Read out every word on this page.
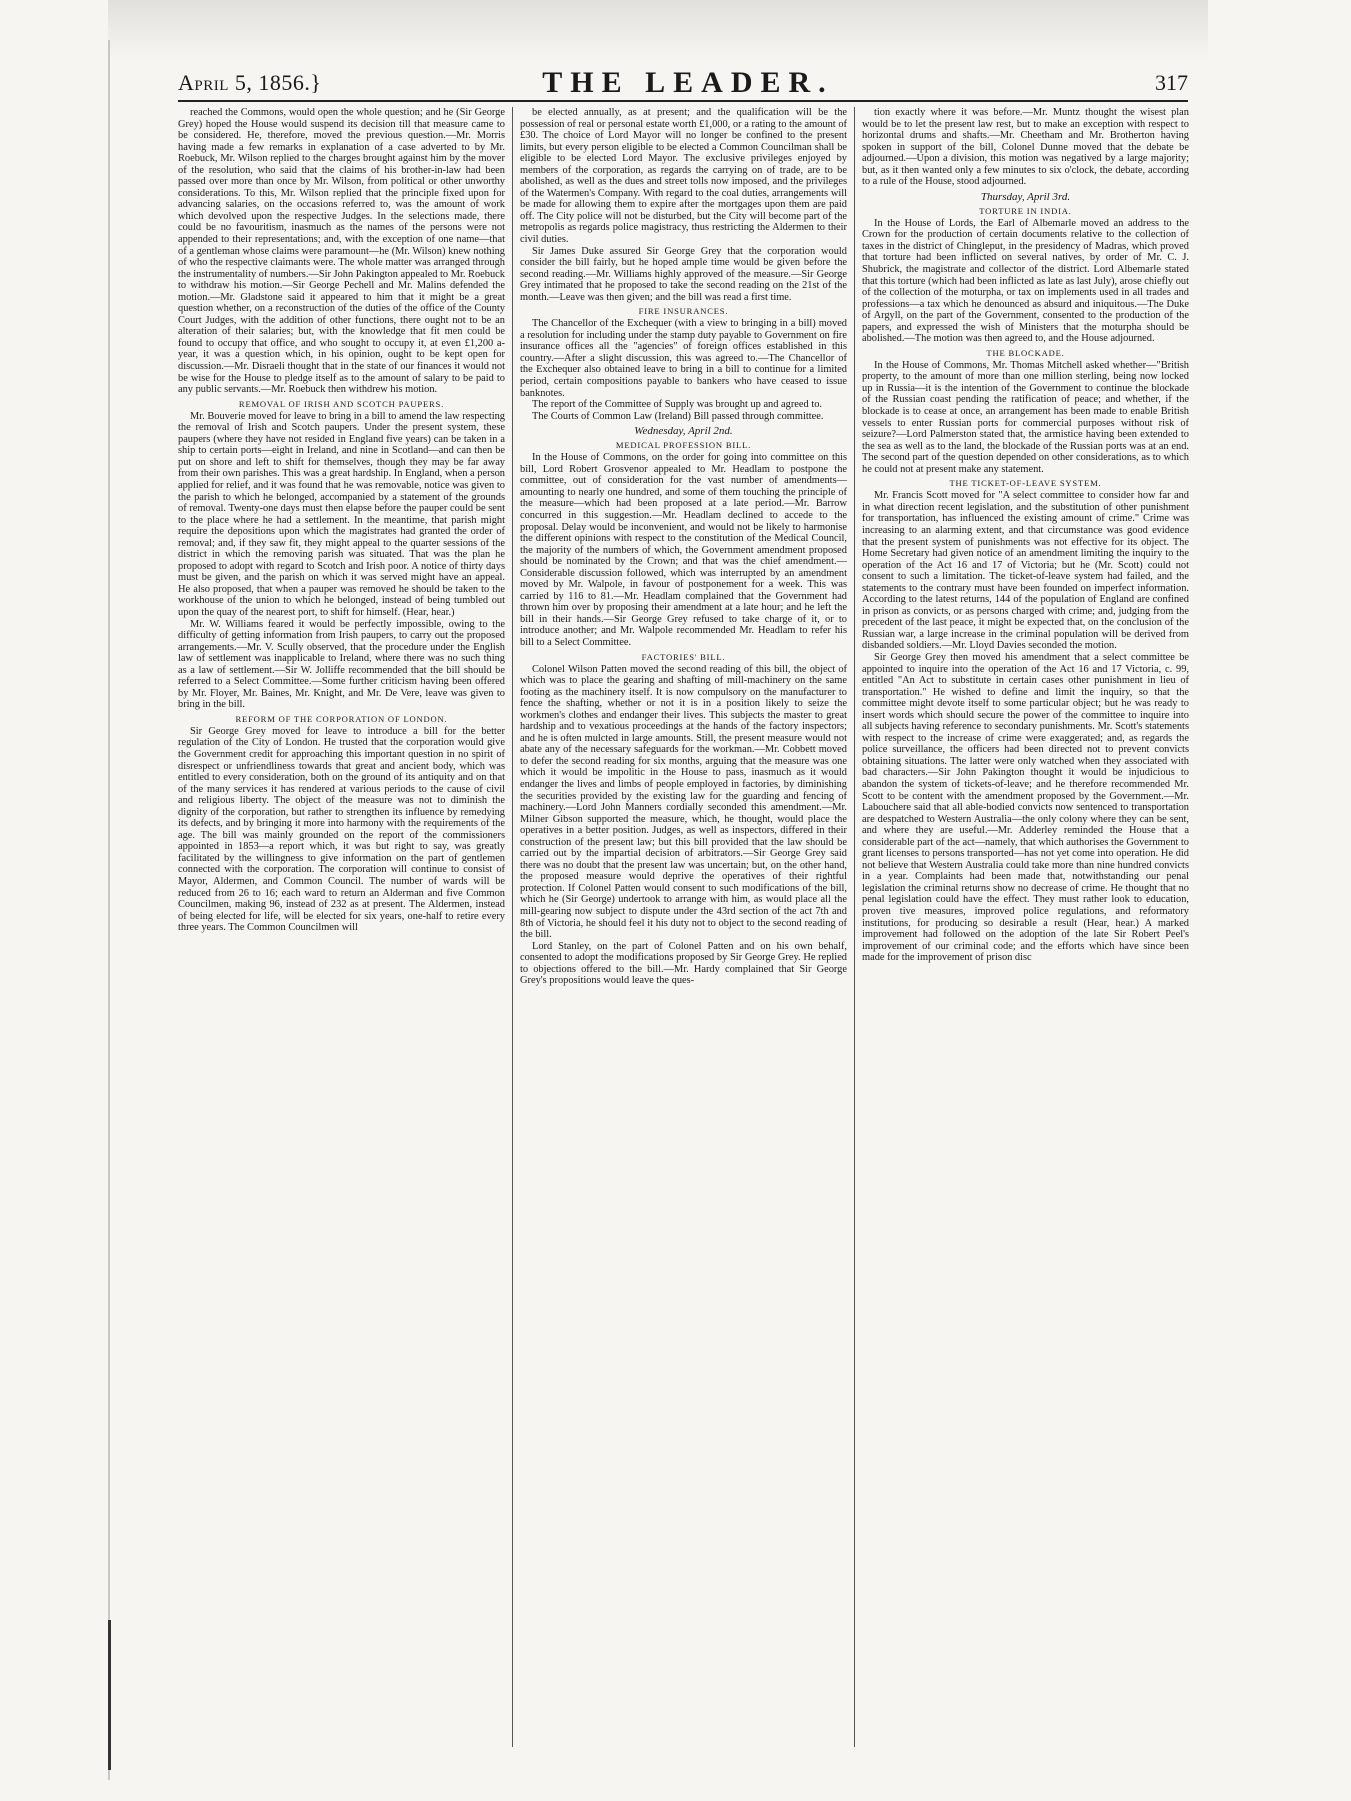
April 5, 1856.}	THE LEADER.	317

reached the Commons, would open the whole question; and he (Sir George Grey) hoped the House would suspend its decision till that measure came to be considered. He, therefore, moved the previous question.—Mr. Morris having made a few remarks in explanation of a case adverted to by Mr. Roebuck, Mr. Wilson replied to the charges brought against him by the mover of the resolution, who said that the claims of his brother-in-law had been passed over more than once by Mr. Wilson, from political or other unworthy considerations. To this, Mr. Wilson replied that the principle fixed upon for advancing salaries, on the occasions referred to, was the amount of work which devolved upon the respective Judges. In the selections made, there could be no favouritism, inasmuch as the names of the persons were not appended to their representations; and, with the exception of one name—that of a gentleman whose claims were paramount—he (Mr. Wilson) knew nothing of who the respective claimants were. The whole matter was arranged through the instrumentality of numbers.—Sir John Pakington appealed to Mr. Roebuck to withdraw his motion.—Sir George Pechell and Mr. Malins defended the motion.—Mr. Gladstone said it appeared to him that it might be a great question whether, on a reconstruction of the duties of the office of the County Court Judges, with the addition of other functions, there ought not to be an alteration of their salaries; but, with the knowledge that fit men could be found to occupy that office, and who sought to occupy it, at even £1,200 a-year, it was a question which, in his opinion, ought to be kept open for discussion.—Mr. Disraeli thought that in the state of our finances it would not be wise for the House to pledge itself as to the amount of salary to be paid to any public servants.—Mr. Roebuck then withdrew his motion.

REMOVAL OF IRISH AND SCOTCH PAUPERS.

Mr. Bouverie moved for leave to bring in a bill to amend the law respecting the removal of Irish and Scotch paupers. Under the present system, these paupers (where they have not resided in England five years) can be taken in a ship to certain ports—eight in Ireland, and nine in Scotland—and can then be put on shore and left to shift for themselves, though they may be far away from their own parishes. This was a great hardship. In England, when a person applied for relief, and it was found that he was removable, notice was given to the parish to which he belonged, accompanied by a statement of the grounds of removal. Twenty-one days must then elapse before the pauper could be sent to the place where he had a settlement. In the meantime, that parish might require the depositions upon which the magistrates had granted the order of removal; and, if they saw fit, they might appeal to the quarter sessions of the district in which the removing parish was situated. That was the plan he proposed to adopt with regard to Scotch and Irish poor. A notice of thirty days must be given, and the parish on which it was served might have an appeal. He also proposed, that when a pauper was removed he should be taken to the workhouse of the union to which he belonged, instead of being tumbled out upon the quay of the nearest port, to shift for himself. (Hear, hear.)

Mr. W. Williams feared it would be perfectly impossible, owing to the difficulty of getting information from Irish paupers, to carry out the proposed arrangements.—Mr. V. Scully observed, that the procedure under the English law of settlement was inapplicable to Ireland, where there was no such thing as a law of settlement.—Sir W. Jolliffe recommended that the bill should be referred to a Select Committee.—Some further criticism having been offered by Mr. Floyer, Mr. Baines, Mr. Knight, and Mr. De Vere, leave was given to bring in the bill.

REFORM OF THE CORPORATION OF LONDON.

Sir George Grey moved for leave to introduce a bill for the better regulation of the City of London. He trusted that the corporation would give the Government credit for approaching this important question in no spirit of disrespect or unfriendliness towards that great and ancient body, which was entitled to every consideration, both on the ground of its antiquity and on that of the many services it has rendered at various periods to the cause of civil and religious liberty. The object of the measure was not to diminish the dignity of the corporation, but rather to strengthen its influence by remedying its defects, and by bringing it more into harmony with the requirements of the age. The bill was mainly grounded on the report of the commissioners appointed in 1853—a report which, it was but right to say, was greatly facilitated by the willingness to give information on the part of gentlemen connected with the corporation. The corporation will continue to consist of Mayor, Aldermen, and Common Council. The number of wards will be reduced from 26 to 16; each ward to return an Alderman and five Common Councilmen, making 96, instead of 232 as at present. The Aldermen, instead of being elected for life, will be elected for six years, one-half to retire every three years. The Common Councilmen will

be elected annually, as at present; and the qualification will be the possession of real or personal estate worth £1,000, or a rating to the amount of £30. The choice of Lord Mayor will no longer be confined to the present limits, but every person eligible to be elected a Common Councilman shall be eligible to be elected Lord Mayor. The exclusive privileges enjoyed by members of the corporation, as regards the carrying on of trade, are to be abolished, as well as the dues and street tolls now imposed, and the privileges of the Watermen's Company. With regard to the coal duties, arrangements will be made for allowing them to expire after the mortgages upon them are paid off. The City police will not be disturbed, but the City will become part of the metropolis as regards police magistracy, thus restricting the Aldermen to their civil duties.

Sir James Duke assured Sir George Grey that the corporation would consider the bill fairly, but he hoped ample time would be given before the second reading.—Mr. Williams highly approved of the measure.—Sir George Grey intimated that he proposed to take the second reading on the 21st of the month.—Leave was then given; and the bill was read a first time.

FIRE INSURANCES.

The Chancellor of the Exchequer (with a view to bringing in a bill) moved a resolution for including under the stamp duty payable to Government on fire insurance offices all the "agencies" of foreign offices established in this country.—After a slight discussion, this was agreed to.—The Chancellor of the Exchequer also obtained leave to bring in a bill to continue for a limited period, certain compositions payable to bankers who have ceased to issue banknotes.

The report of the Committee of Supply was brought up and agreed to.

The Courts of Common Law (Ireland) Bill passed through committee.

Wednesday, April 2nd.
MEDICAL PROFESSION BILL.

In the House of Commons, on the order for going into committee on this bill, Lord Robert Grosvenor appealed to Mr. Headlam to postpone the committee, out of consideration for the vast number of amendments—amounting to nearly one hundred, and some of them touching the principle of the measure—which had been proposed at a late period.—Mr. Barrow concurred in this suggestion.—Mr. Headlam declined to accede to the proposal. Delay would be inconvenient, and would not be likely to harmonise the different opinions with respect to the constitution of the Medical Council, the majority of the numbers of which, the Government amendment proposed should be nominated by the Crown; and that was the chief amendment.—Considerable discussion followed, which was interrupted by an amendment moved by Mr. Walpole, in favour of postponement for a week. This was carried by 116 to 81.—Mr. Headlam complained that the Government had thrown him over by proposing their amendment at a late hour; and he left the bill in their hands.—Sir George Grey refused to take charge of it, or to introduce another; and Mr. Walpole recommended Mr. Headlam to refer his bill to a Select Committee.

FACTORIES' BILL.

Colonel Wilson Patten moved the second reading of this bill, the object of which was to place the gearing and shafting of mill-machinery on the same footing as the machinery itself. It is now compulsory on the manufacturer to fence the shafting, whether or not it is in a position likely to seize the workmen's clothes and endanger their lives. This subjects the master to great hardship and to vexatious proceedings at the hands of the factory inspectors; and he is often mulcted in large amounts. Still, the present measure would not abate any of the necessary safeguards for the workman.—Mr. Cobbett moved to defer the second reading for six months, arguing that the measure was one which it would be impolitic in the House to pass, inasmuch as it would endanger the lives and limbs of people employed in factories, by diminishing the securities provided by the existing law for the guarding and fencing of machinery.—Lord John Manners cordially seconded this amendment.—Mr. Milner Gibson supported the measure, which, he thought, would place the operatives in a better position. Judges, as well as inspectors, differed in their construction of the present law; but this bill provided that the law should be carried out by the impartial decision of arbitrators.—Sir George Grey said there was no doubt that the present law was uncertain; but, on the other hand, the proposed measure would deprive the operatives of their rightful protection. If Colonel Patten would consent to such modifications of the bill, which he (Sir George) undertook to arrange with him, as would place all the mill-gearing now subject to dispute under the 43rd section of the act 7th and 8th of Victoria, he should feel it his duty not to object to the second reading of the bill.

Lord Stanley, on the part of Colonel Patten and on his own behalf, consented to adopt the modifications proposed by Sir George Grey. He replied to objections offered to the bill.—Mr. Hardy complained that Sir George Grey's propositions would leave the ques-

tion exactly where it was before.—Mr. Muntz thought the wisest plan would be to let the present law rest, but to make an exception with respect to horizontal drums and shafts.—Mr. Cheetham and Mr. Brotherton having spoken in support of the bill, Colonel Dunne moved that the debate be adjourned.—Upon a division, this motion was negatived by a large majority; but, as it then wanted only a few minutes to six o'clock, the debate, according to a rule of the House, stood adjourned.

Thursday, April 3rd.
TORTURE IN INDIA.

In the House of Lords, the Earl of Albemarle moved an address to the Crown for the production of certain documents relative to the collection of taxes in the district of Chingleput, in the presidency of Madras, which proved that torture had been inflicted on several natives, by order of Mr. C. J. Shubrick, the magistrate and collector of the district. Lord Albemarle stated that this torture (which had been inflicted as late as last July), arose chiefly out of the collection of the moturpha, or tax on implements used in all trades and professions—a tax which he denounced as absurd and iniquitous.—The Duke of Argyll, on the part of the Government, consented to the production of the papers, and expressed the wish of Ministers that the moturpha should be abolished.—The motion was then agreed to, and the House adjourned.

THE BLOCKADE.

In the House of Commons, Mr. Thomas Mitchell asked whether—"British property, to the amount of more than one million sterling, being now locked up in Russia—it is the intention of the Government to continue the blockade of the Russian coast pending the ratification of peace; and whether, if the blockade is to cease at once, an arrangement has been made to enable British vessels to enter Russian ports for commercial purposes without risk of seizure?—Lord Palmerston stated that, the armistice having been extended to the sea as well as to the land, the blockade of the Russian ports was at an end. The second part of the question depended on other considerations, as to which he could not at present make any statement.

THE TICKET-OF-LEAVE SYSTEM.

Mr. Francis Scott moved for "A select committee to consider how far and in what direction recent legislation, and the substitution of other punishment for transportation, has influenced the existing amount of crime." Crime was increasing to an alarming extent, and that circumstance was good evidence that the present system of punishments was not effective for its object. The Home Secretary had given notice of an amendment limiting the inquiry to the operation of the Act 16 and 17 of Victoria; but he (Mr. Scott) could not consent to such a limitation. The ticket-of-leave system had failed, and the statements to the contrary must have been founded on imperfect information. According to the latest returns, 144 of the population of England are confined in prison as convicts, or as persons charged with crime; and, judging from the precedent of the last peace, it might be expected that, on the conclusion of the Russian war, a large increase in the criminal population will be derived from disbanded soldiers.—Mr. Lloyd Davies seconded the motion.

Sir George Grey then moved his amendment that a select committee be appointed to inquire into the operation of the Act 16 and 17 Victoria, c. 99, entitled "An Act to substitute in certain cases other punishment in lieu of transportation." He wished to define and limit the inquiry, so that the committee might devote itself to some particular object; but he was ready to insert words which should secure the power of the committee to inquire into all subjects having reference to secondary punishments. Mr. Scott's statements with respect to the increase of crime were exaggerated; and, as regards the police surveillance, the officers had been directed not to prevent convicts obtaining situations. The latter were only watched when they associated with bad characters.—Sir John Pakington thought it would be injudicious to abandon the system of tickets-of-leave; and he therefore recommended Mr. Scott to be content with the amendment proposed by the Government.—Mr. Labouchere said that all able-bodied convicts now sentenced to transportation are despatched to Western Australia—the only colony where they can be sent, and where they are useful.—Mr. Adderley reminded the House that a considerable part of the act—namely, that which authorises the Government to grant licenses to persons transported—has not yet come into operation. He did not believe that Western Australia could take more than nine hundred convicts in a year. Complaints had been made that, notwithstanding our penal legislation the criminal returns show no decrease of crime. He thought that no penal legislation could have the effect. They must rather look to education, proven tive measures, improved police regulations, and reformatory institutions, for producing so desirable a result (Hear, hear.) A marked improvement had followed on the adoption of the late Sir Robert Peel's improvement of our criminal code; and the efforts which have since been made for the improvement of prison disc
